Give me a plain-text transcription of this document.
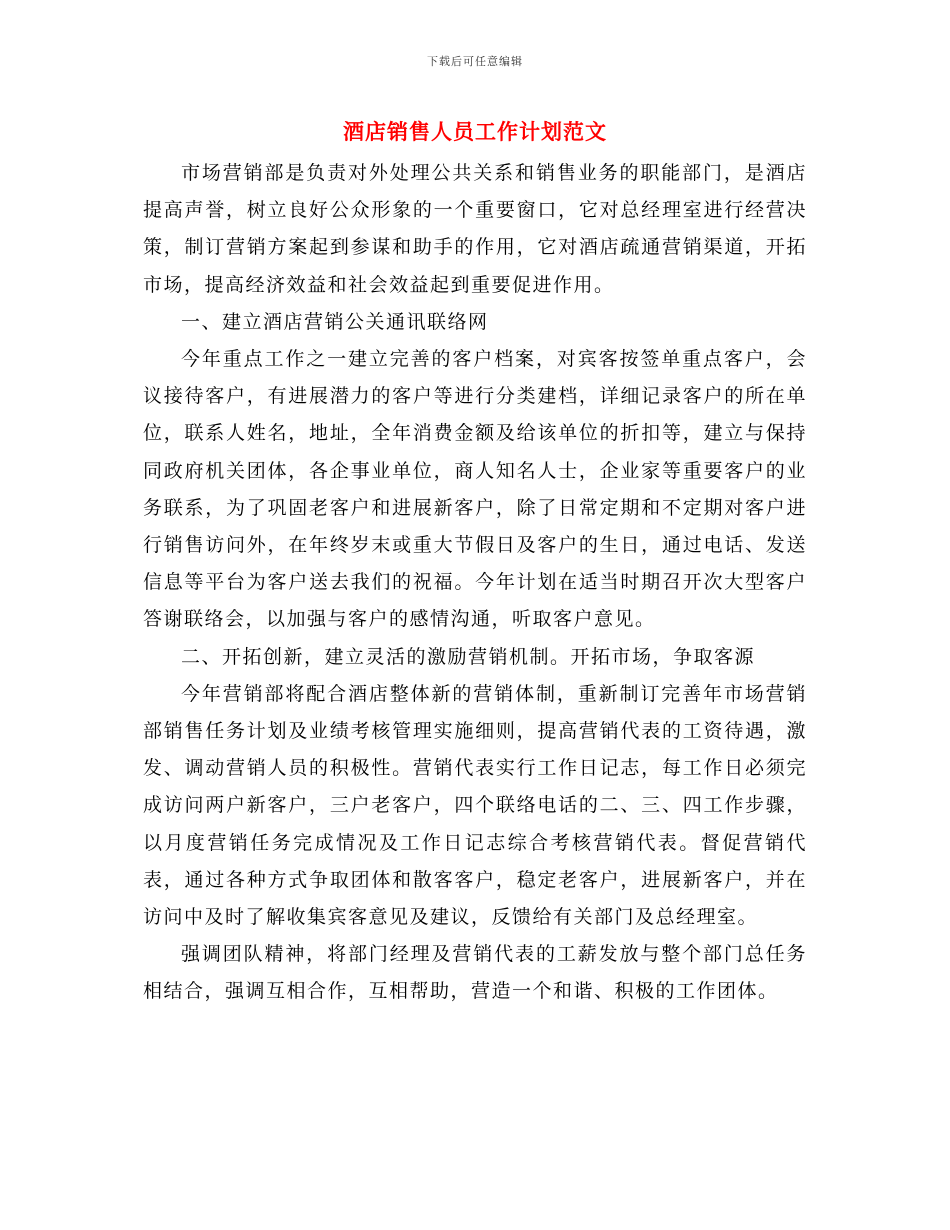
下载后可任意编辑
酒店销售人员工作计划范文

市场营销部是负责对外处理公共关系和销售业务的职能部门，是酒店提高声誉，树立良好公众形象的一个重要窗口，它对总经理室进行经营决策，制订营销方案起到参谋和助手的作用，它对酒店疏通营销渠道，开拓市场，提高经济效益和社会效益起到重要促进作用。

一、建立酒店营销公关通讯联络网

今年重点工作之一建立完善的客户档案，对宾客按签单重点客户，会议接待客户，有进展潜力的客户等进行分类建档，详细记录客户的所在单位，联系人姓名，地址，全年消费金额及给该单位的折扣等，建立与保持同政府机关团体，各企事业单位，商人知名人士，企业家等重要客户的业务联系，为了巩固老客户和进展新客户，除了日常定期和不定期对客户进行销售访问外，在年终岁末或重大节假日及客户的生日，通过电话、发送信息等平台为客户送去我们的祝福。今年计划在适当时期召开次大型客户答谢联络会，以加强与客户的感情沟通，听取客户意见。

二、开拓创新，建立灵活的激励营销机制。开拓市场，争取客源

今年营销部将配合酒店整体新的营销体制，重新制订完善年市场营销部销售任务计划及业绩考核管理实施细则，提高营销代表的工资待遇，激发、调动营销人员的积极性。营销代表实行工作日记志，每工作日必须完成访问两户新客户，三户老客户，四个联络电话的二、三、四工作步骤，以月度营销任务完成情况及工作日记志综合考核营销代表。督促营销代表，通过各种方式争取团体和散客客户，稳定老客户，进展新客户，并在访问中及时了解收集宾客意见及建议，反馈给有关部门及总经理室。

强调团队精神，将部门经理及营销代表的工薪发放与整个部门总任务相结合，强调互相合作，互相帮助，营造一个和谐、积极的工作团体。
